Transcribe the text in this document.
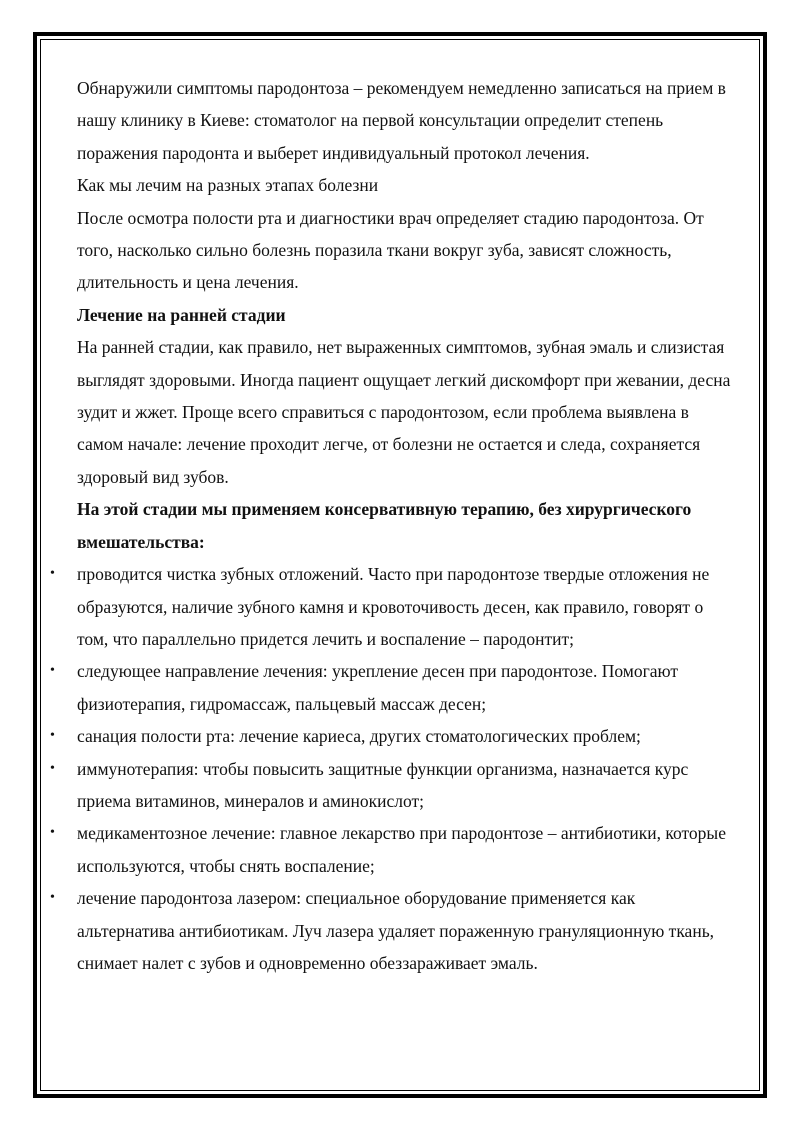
Обнаружили симптомы пародонтоза – рекомендуем немедленно записаться на прием в нашу клинику в Киеве: стоматолог на первой консультации определит степень поражения пародонта и выберет индивидуальный протокол лечения.

Как мы лечим на разных этапах болезни

После осмотра полости рта и диагностики врач определяет стадию пародонтоза. От того, насколько сильно болезнь поразила ткани вокруг зуба, зависят сложность, длительность и цена лечения.

Лечение на ранней стадии

На ранней стадии, как правило, нет выраженных симптомов, зубная эмаль и слизистая выглядят здоровыми. Иногда пациент ощущает легкий дискомфорт при жевании, десна зудит и жжет. Проще всего справиться с пародонтозом, если проблема выявлена в самом начале: лечение проходит легче, от болезни не остается и следа, сохраняется здоровый вид зубов.

На этой стадии мы применяем консервативную терапию, без хирургического вмешательства:

• проводится чистка зубных отложений. Часто при пародонтозе твердые отложения не образуются, наличие зубного камня и кровоточивость десен, как правило, говорят о том, что параллельно придется лечить и воспаление – пародонтит;
• следующее направление лечения: укрепление десен при пародонтозе. Помогают физиотерапия, гидромассаж, пальцевый массаж десен;
• санация полости рта: лечение кариеса, других стоматологических проблем;
• иммунотерапия: чтобы повысить защитные функции организма, назначается курс приема витаминов, минералов и аминокислот;
• медикаментозное лечение: главное лекарство при пародонтозе – антибиотики, которые используются, чтобы снять воспаление;
• лечение пародонтоза лазером: специальное оборудование применяется как альтернатива антибиотикам. Луч лазера удаляет пораженную грануляционную ткань, снимает налет с зубов и одновременно обеззараживает эмаль.
